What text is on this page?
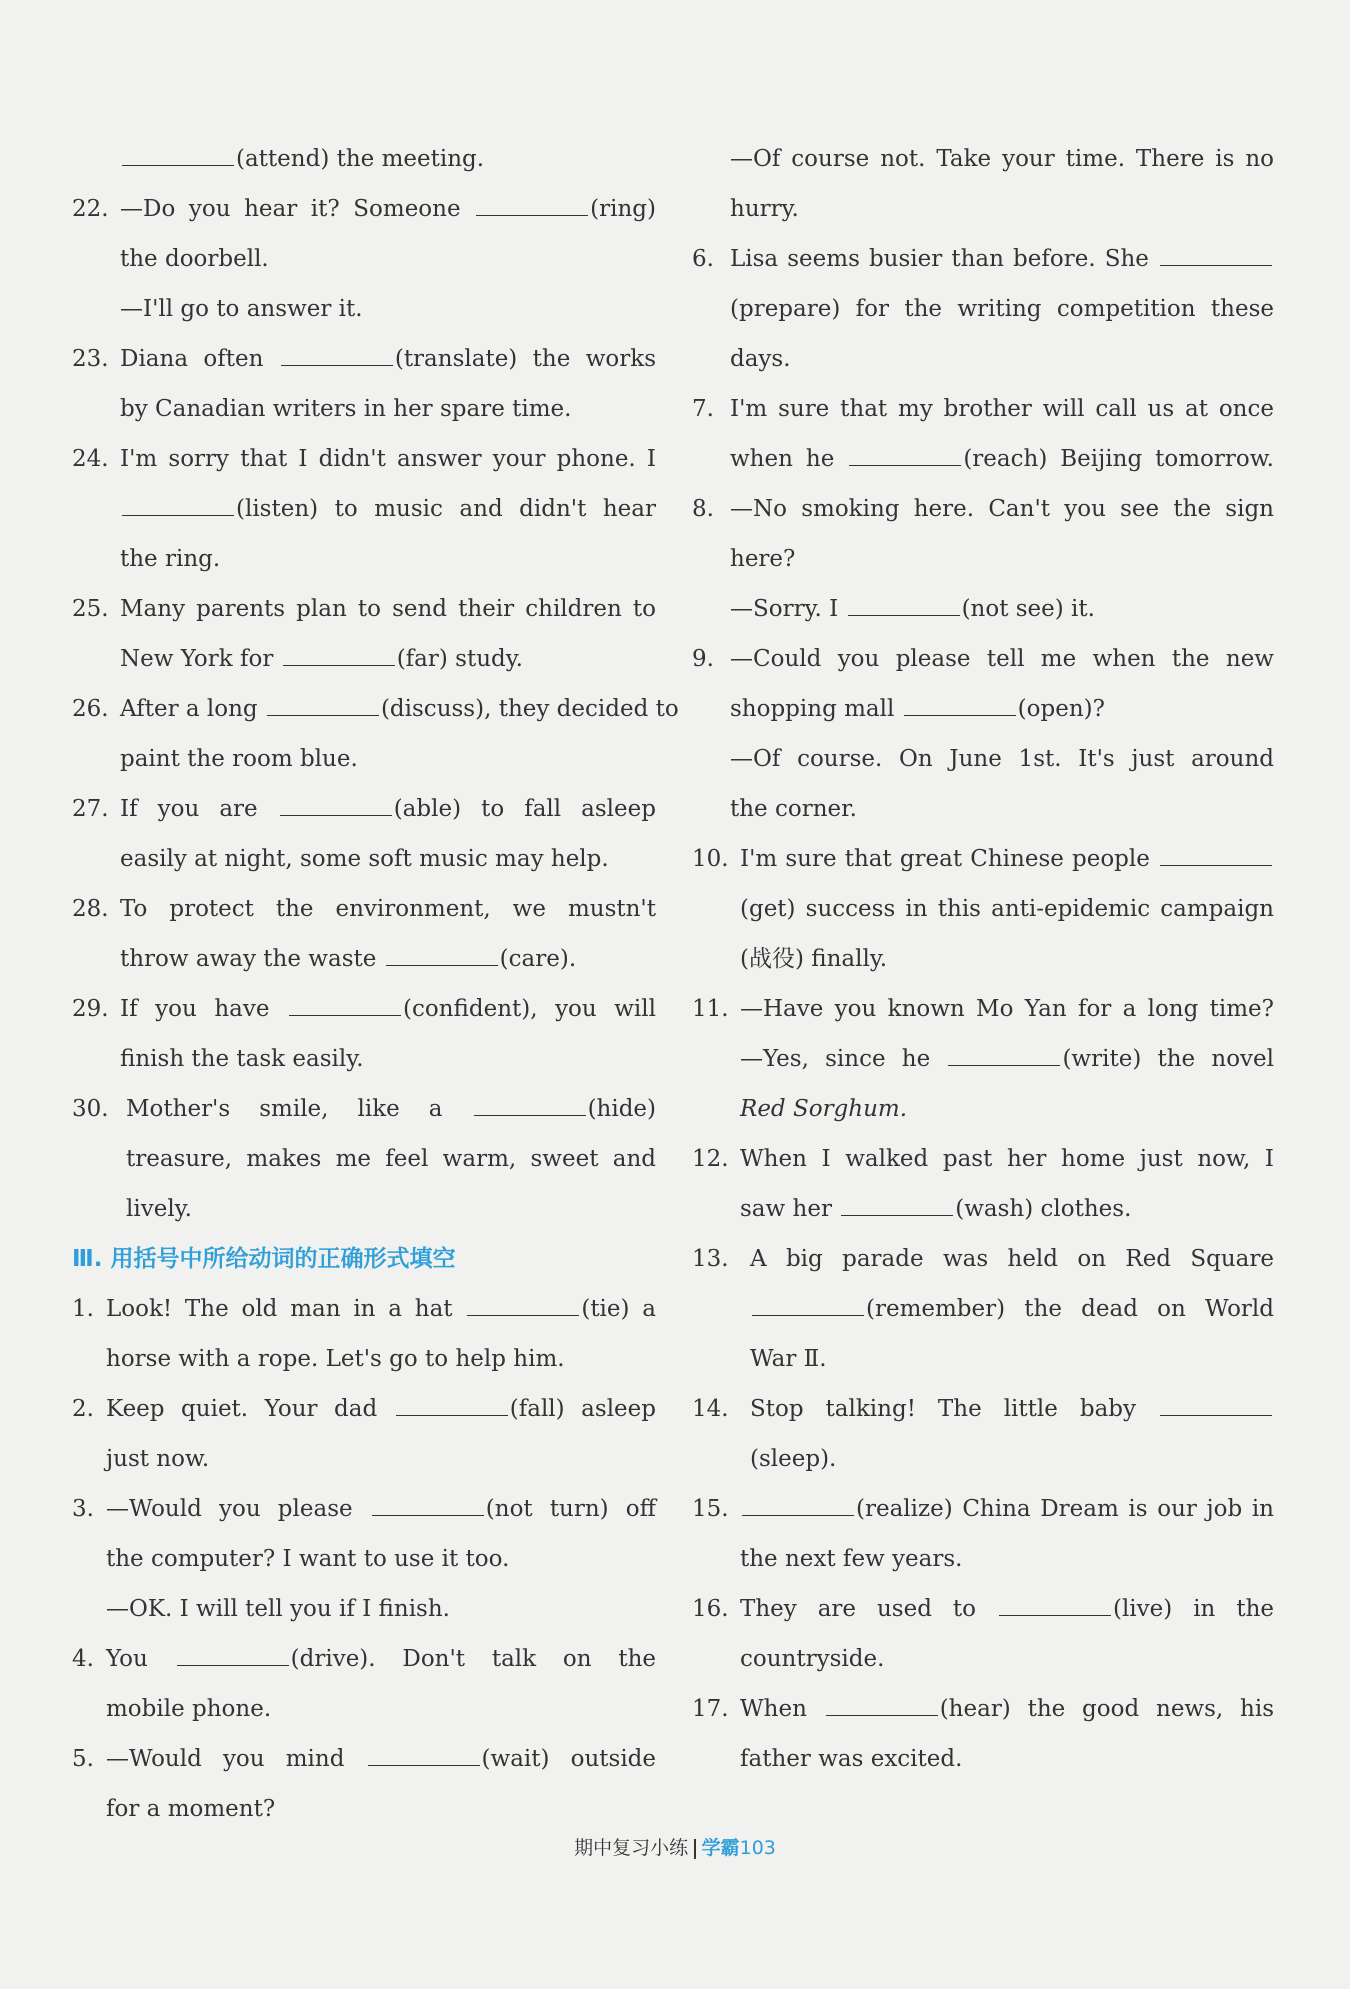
(attend) the meeting.
22. —Do you hear it? Someone	(ring)
the doorbell.
—I'll go to answer it.
23. Diana often	(translate) the works
by Canadian writers in her spare time.
24. I'm sorry that I didn't answer your phone. I
(listen) to music and didn't hear
the ring.
25. Many parents plan to send their children to
New York for	(far) study.
26. After a long	(discuss), they decided to
paint the room blue.
27. If you are	(able) to fall asleep
easily at night, some soft music may help.
28. To protect the environment, we mustn't
throw away the waste	(care).
29. If you have	(confident), you will
finish the task easily.
30. Mother's smile, like a	(hide)
treasure, makes me feel warm, sweet and
lively.
Ⅲ. 用括号中所给动词的正确形式填空
1. Look! The old man in a hat	(tie) a
horse with a rope. Let's go to help him.
2. Keep quiet. Your dad	(fall) asleep
just now.
3. —Would you please	(not turn) off
the computer? I want to use it too.
—OK. I will tell you if I finish.
4. You	(drive). Don't talk on the
mobile phone.
5. —Would you mind	(wait) outside
for a moment?
—Of course not. Take your time. There is no
hurry.
6. Lisa seems busier than before. She
(prepare) for the writing competition these
days.
7. I'm sure that my brother will call us at once
when he	(reach) Beijing tomorrow.
8. —No smoking here. Can't you see the sign
here?
—Sorry. I	(not see) it.
9. —Could you please tell me when the new
shopping mall	(open)?
—Of course. On June 1st. It's just around
the corner.
10. I'm sure that great Chinese people
(get) success in this anti-epidemic campaign
(战役) finally.
11. —Have you known Mo Yan for a long time?
—Yes, since he	(write) the novel
Red Sorghum.
12. When I walked past her home just now, I
saw her	(wash) clothes.
13. A big parade was held on Red Square
(remember) the dead on World
War Ⅱ.
14. Stop talking! The little baby
(sleep).
15.	(realize) China Dream is our job in
the next few years.
16. They are used to	(live) in the
countryside.
17. When	(hear) the good news, his
father was excited.
期中复习小练 学霸103
